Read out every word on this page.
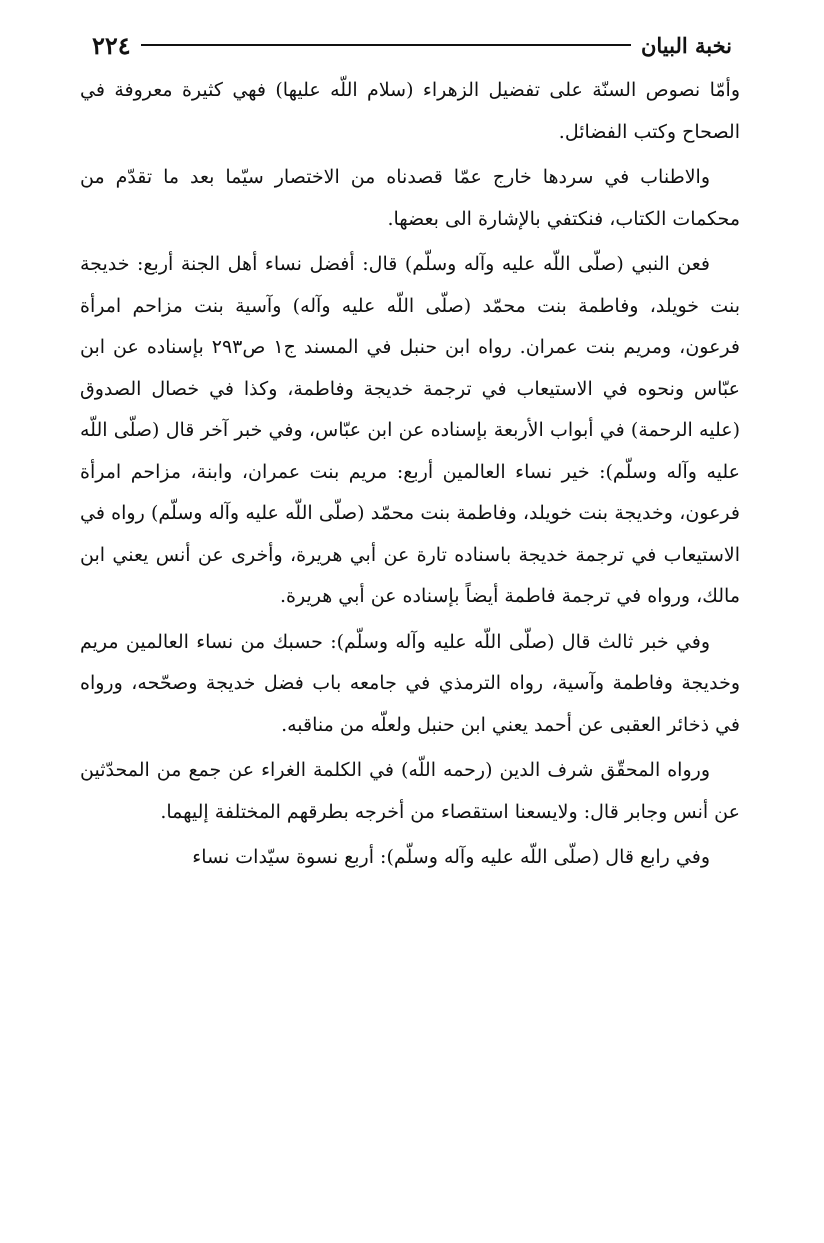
٢٢٤	نخبة البيان

وأمّا نصوص السنّة على تفضيل الزهراء (سلام اللّه عليها) فهي كثيرة معروفة في الصحاح وكتب الفضائل.

والاطناب في سردها خارج عمّا قصدناه من الاختصار سيّما بعد ما تقدّم من محكمات الكتاب، فنكتفي بالإشارة الى بعضها.

فعن النبي (صلّى اللّه عليه وآله وسلّم) قال: أفضل نساء أهل الجنة أربع: خديجة بنت خويلد، وفاطمة بنت محمّد (صلّى اللّه عليه وآله) وآسية بنت مزاحم امرأة فرعون، ومريم بنت عمران. رواه ابن حنبل في المسند ج١ ص٢٩٣ بإسناده عن ابن عبّاس ونحوه في الاستيعاب في ترجمة خديجة وفاطمة، وكذا في خصال الصدوق (عليه الرحمة) في أبواب الأربعة بإسناده عن ابن عبّاس، وفي خبر آخر قال (صلّى اللّه عليه وآله وسلّم): خير نساء العالمين أربع: مريم بنت عمران، وابنة، مزاحم امرأة فرعون، وخديجة بنت خويلد، وفاطمة بنت محمّد (صلّى اللّه عليه وآله وسلّم) رواه في الاستيعاب في ترجمة خديجة باسناده تارة عن أبي هريرة، وأخرى عن أنس يعني ابن مالك، ورواه في ترجمة فاطمة أيضاً بإسناده عن أبي هريرة.

وفي خبر ثالث قال (صلّى اللّه عليه وآله وسلّم): حسبك من نساء العالمين مريم وخديجة وفاطمة وآسية، رواه الترمذي في جامعه باب فضل خديجة وصحّحه، ورواه في ذخائر العقبى عن أحمد يعني ابن حنبل ولعلّه من مناقبه.

ورواه المحقّق شرف الدين (رحمه اللّه) في الكلمة الغراء عن جمع من المحدّثين عن أنس وجابر قال: ولايسعنا استقصاء من أخرجه بطرقهم المختلفة إليهما.

وفي رابع قال (صلّى اللّه عليه وآله وسلّم): أربع نسوة سيّدات نساء
